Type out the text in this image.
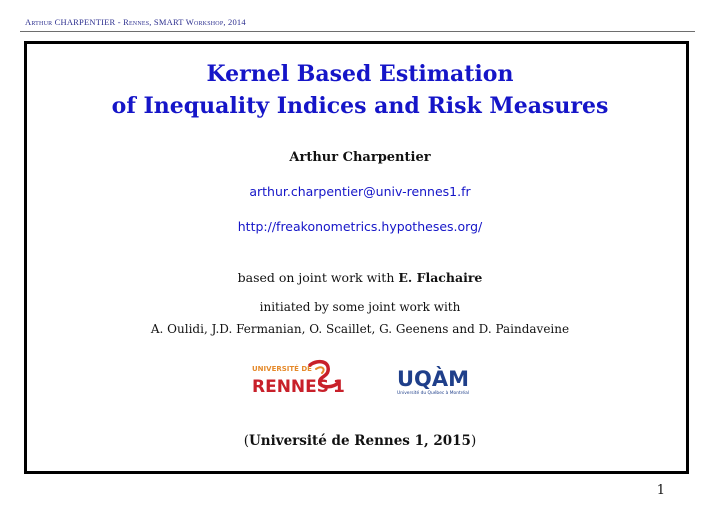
Arthur CHARPENTIER - Rennes, SMART Workshop, 2014
Kernel Based Estimation
of Inequality Indices and Risk Measures
Arthur Charpentier
arthur.charpentier@univ-rennes1.fr
http://freakonometrics.hypotheses.org/
based on joint work with E. Flachaire
initiated by some joint work with
A. Oulidi, J.D. Fermanian, O. Scaillet, G. Geenens and D. Paindaveine
UNIVERSITÉ DE
RENNES 1 UQÀM
Université du Québec à Montréal
(Université de Rennes 1, 2015)
1
